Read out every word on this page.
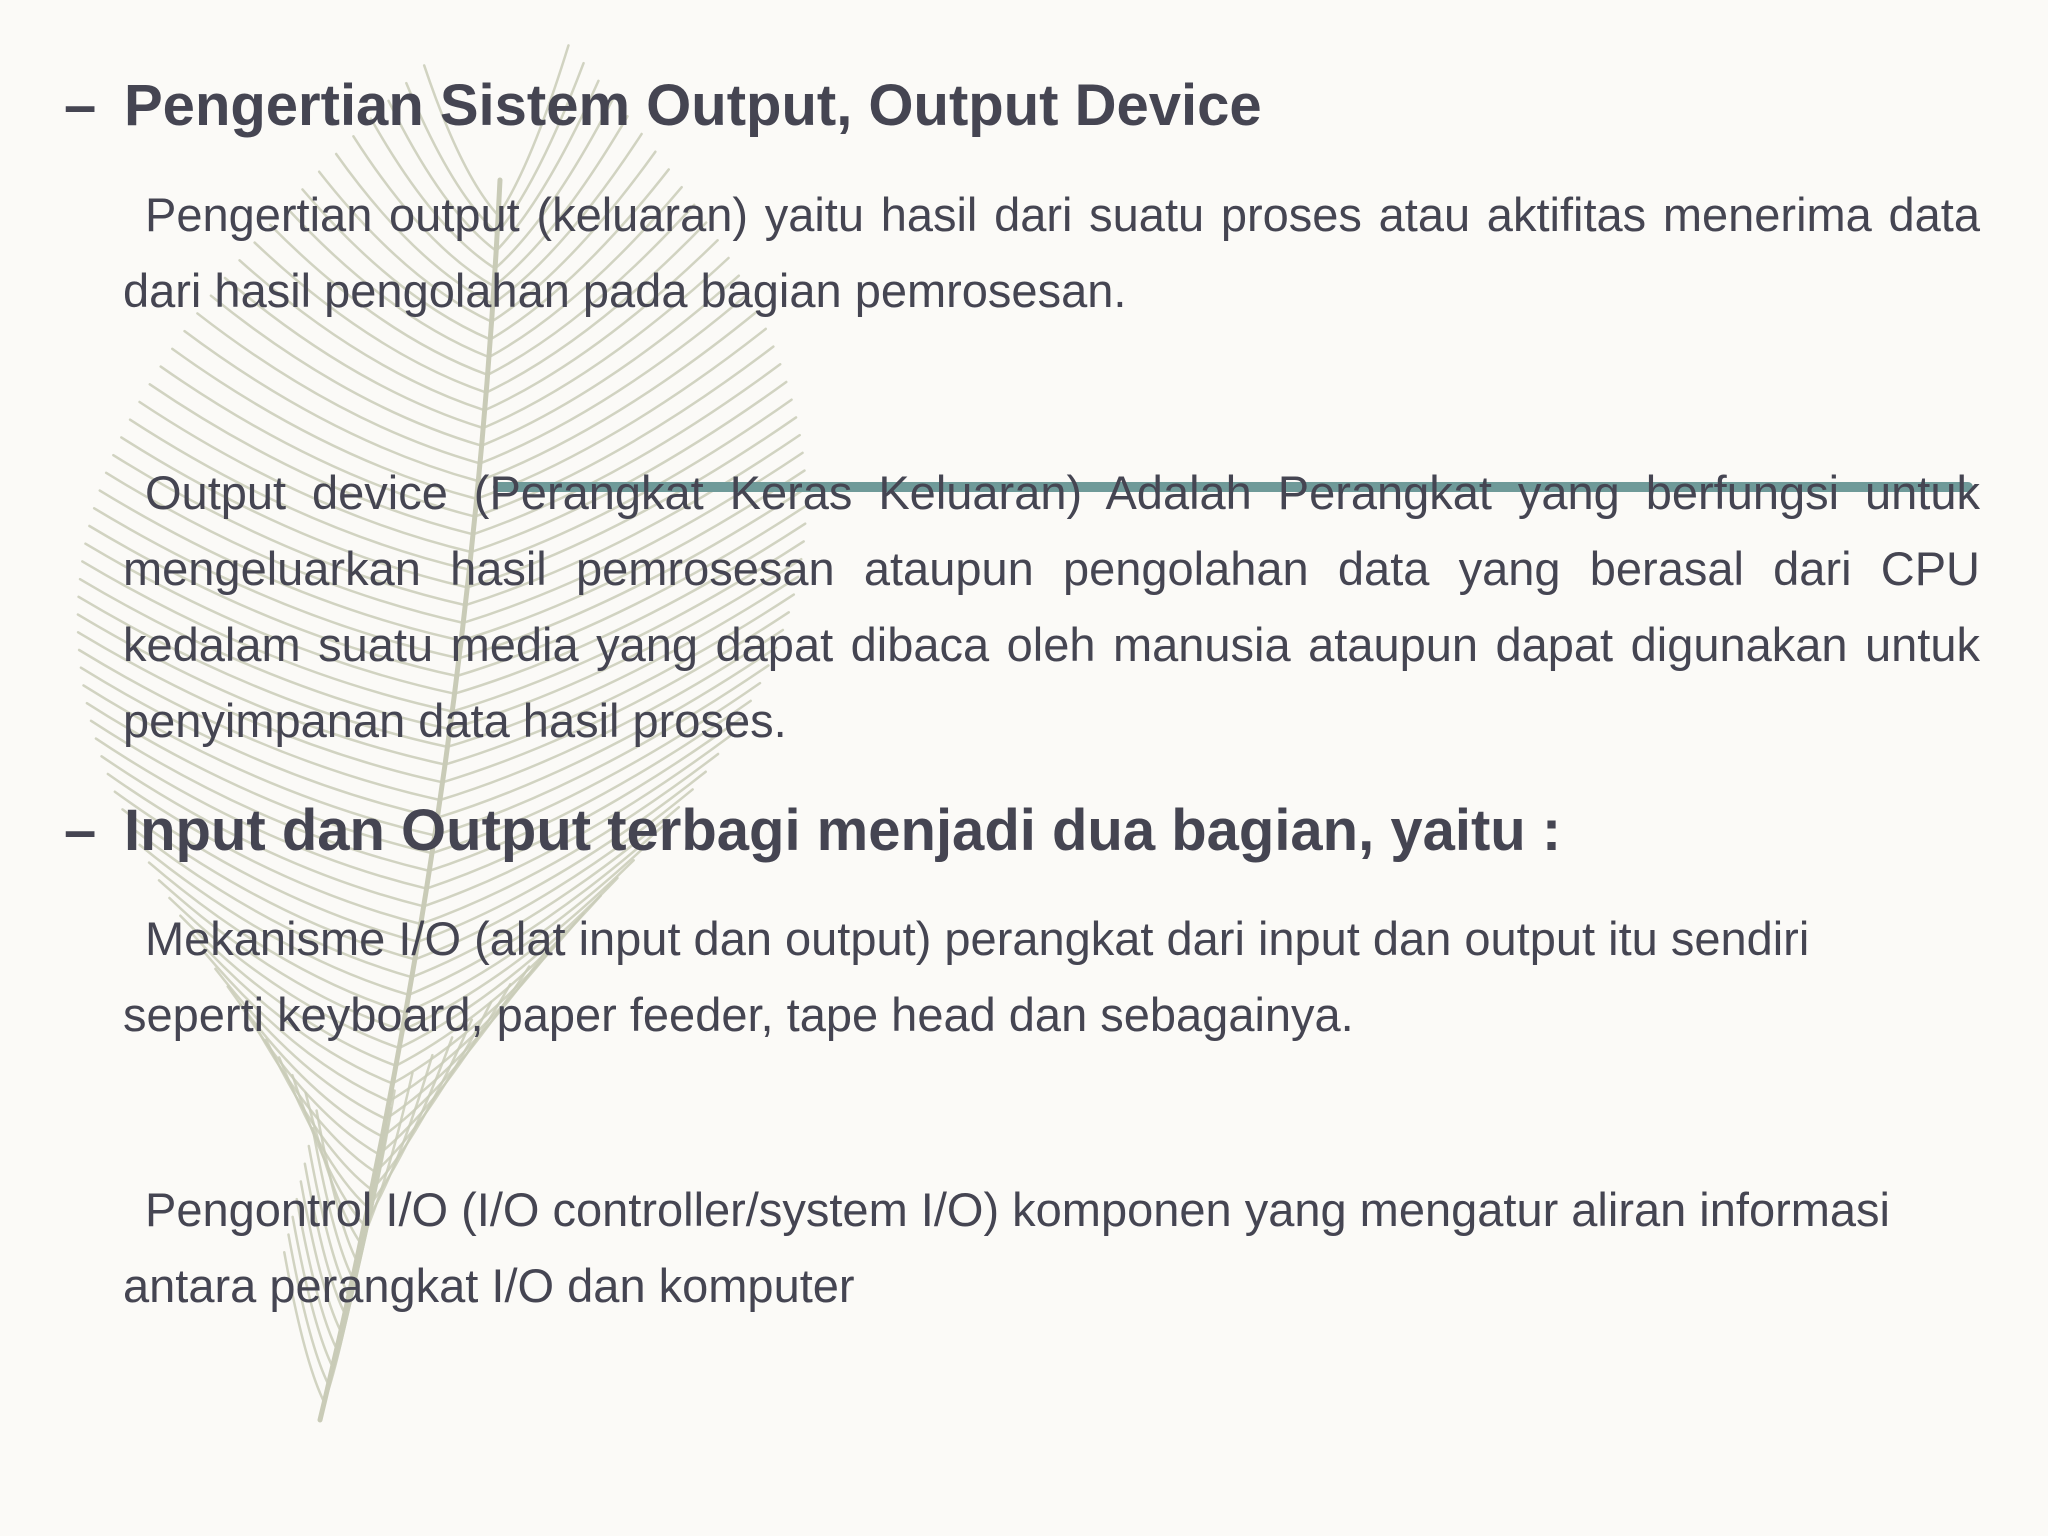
– Pengertian Sistem Output, Output Device
Pengertian output (keluaran) yaitu hasil dari suatu proses atau aktifitas menerima data dari hasil pengolahan pada bagian pemrosesan.
Output device (Perangkat Keras Keluaran) Adalah Perangkat yang berfungsi untuk mengeluarkan hasil pemrosesan ataupun pengolahan data yang berasal dari CPU kedalam suatu media yang dapat dibaca oleh manusia ataupun dapat digunakan untuk penyimpanan data hasil proses.
– Input dan Output terbagi menjadi dua bagian, yaitu :
Mekanisme I/O (alat input dan output) perangkat dari input dan output itu sendiri seperti keyboard, paper feeder, tape head dan sebagainya.
Pengontrol I/O (I/O controller/system I/O) komponen yang mengatur aliran informasi antara perangkat I/O dan komputer
